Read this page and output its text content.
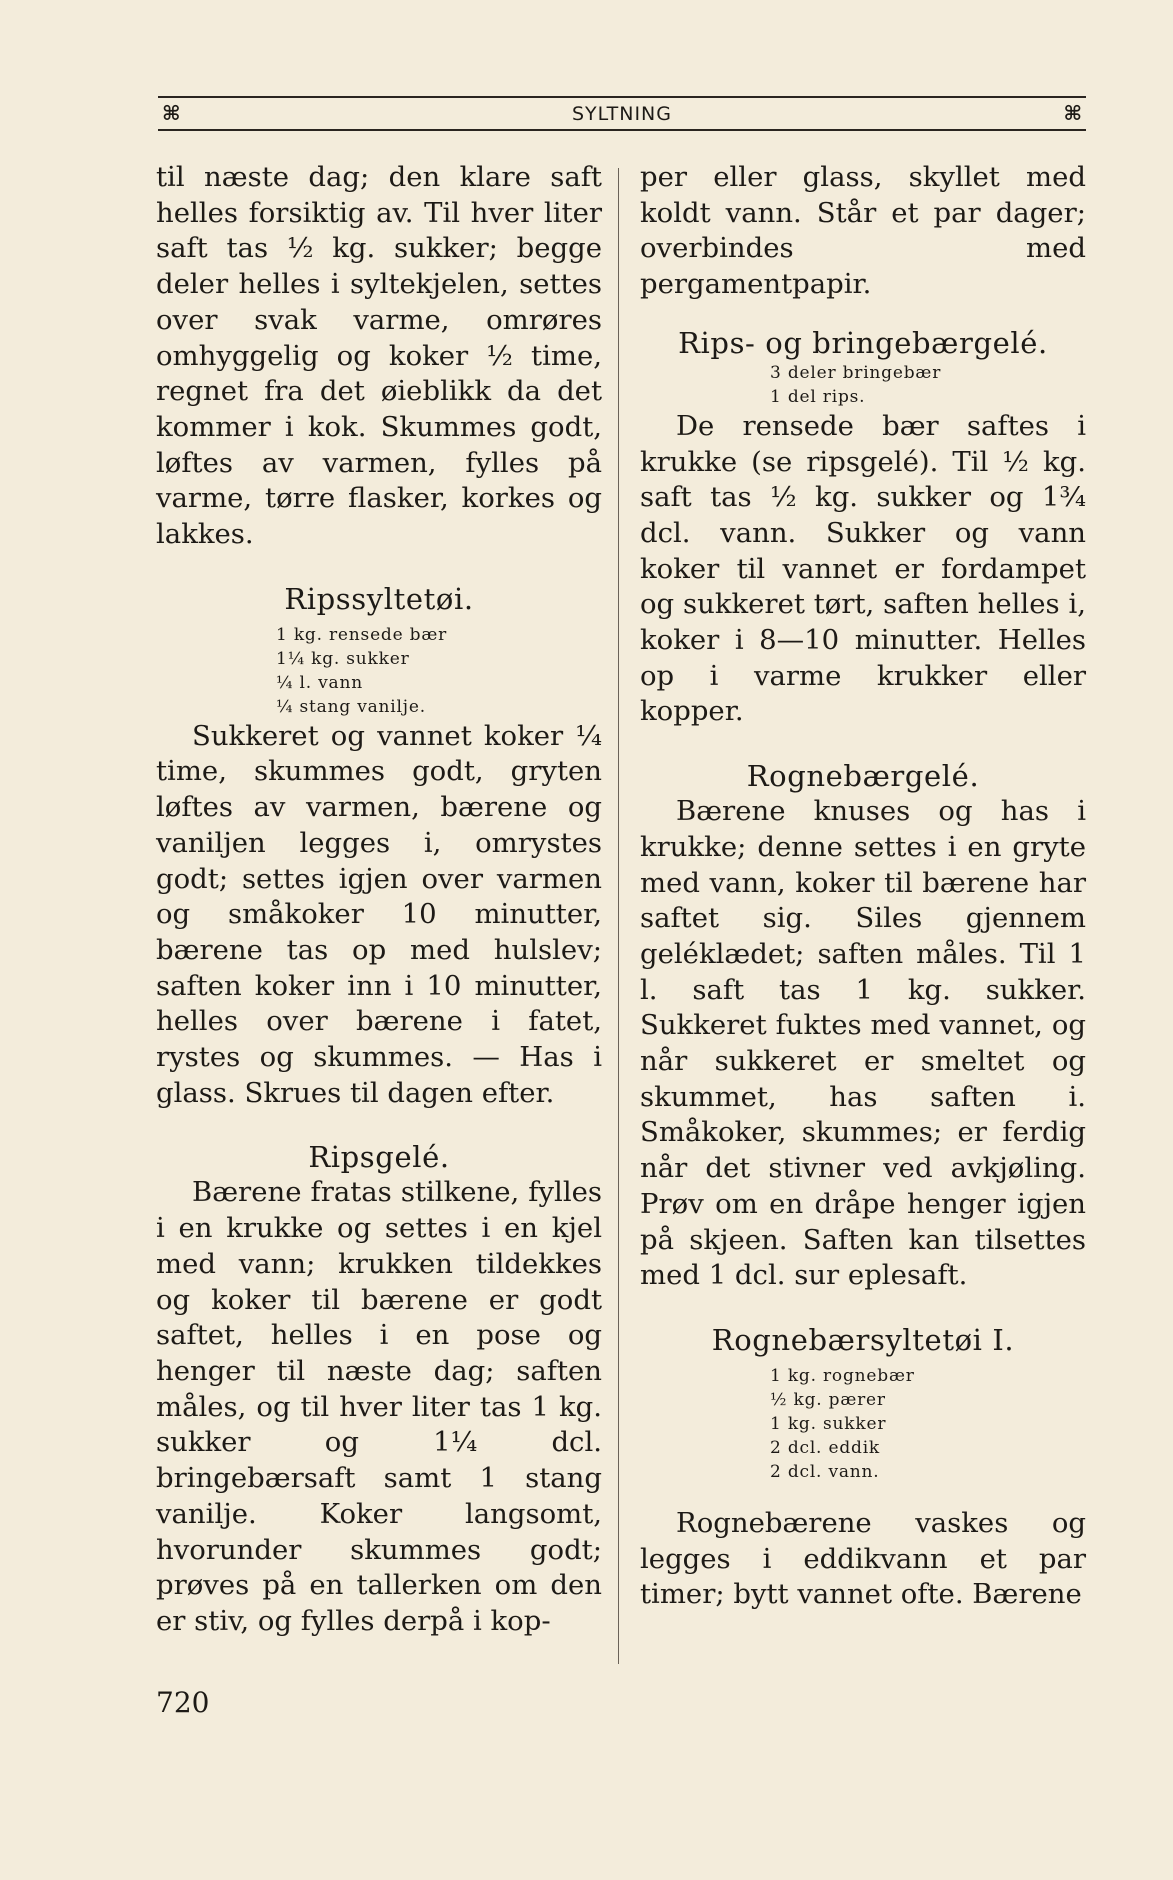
⌘	SYLTNING	⌘

til næste dag; den klare saft helles forsiktig av. Til hver liter saft tas ½ kg. sukker; begge deler helles i syltekjelen, settes over svak varme, omrøres omhyggelig og koker ½ time, regnet fra det øieblikk da det kommer i kok. Skummes godt, løftes av varmen, fylles på varme, tørre flasker, korkes og lakkes.

Ripssyltetøi.

1 kg. rensede bær

1¼ kg. sukker

¼ l. vann

¼ stang vanilje.

Sukkeret og vannet koker ¼ time, skummes godt, gryten løftes av varmen, bærene og vaniljen legges i, omrystes godt; settes igjen over varmen og småkoker 10 minutter, bærene tas op med hulslev; saften koker inn i 10 minutter, helles over bærene i fatet, rystes og skummes. — Has i glass. Skrues til dagen efter.

Ripsgelé.

Bærene fratas stilkene, fylles i en krukke og settes i en kjel med vann; krukken tildekkes og koker til bærene er godt saftet, helles i en pose og henger til næste dag; saften måles, og til hver liter tas 1 kg. sukker og 1¼ dcl. bringebærsaft samt 1 stang vanilje. Koker langsomt, hvorunder skummes godt; prøves på en tallerken om den er stiv, og fylles derpå i kop-

per eller glass, skyllet med koldt vann. Står et par dager; overbindes med pergamentpapir.

Rips- og bringebærgelé.

3 deler bringebær

1 del rips.

De rensede bær saftes i krukke (se ripsgelé). Til ½ kg. saft tas ½ kg. sukker og 1¾ dcl. vann. Sukker og vann koker til vannet er fordampet og sukkeret tørt, saften helles i, koker i 8—10 minutter. Helles op i varme krukker eller kopper.

Rognebærgelé.

Bærene knuses og has i krukke; denne settes i en gryte med vann, koker til bærene har saftet sig. Siles gjennem geléklædet; saften måles. Til 1 l. saft tas 1 kg. sukker. Sukkeret fuktes med vannet, og når sukkeret er smeltet og skummet, has saften i. Småkoker, skummes; er ferdig når det stivner ved avkjøling. Prøv om en dråpe henger igjen på skjeen. Saften kan tilsettes med 1 dcl. sur eplesaft.

Rognebærsyltetøi I.

1 kg. rognebær

½ kg. pærer

1 kg. sukker

2 dcl. eddik

2 dcl. vann.

Rognebærene vaskes og legges i eddikvann et par timer; bytt vannet ofte. Bærene

720
